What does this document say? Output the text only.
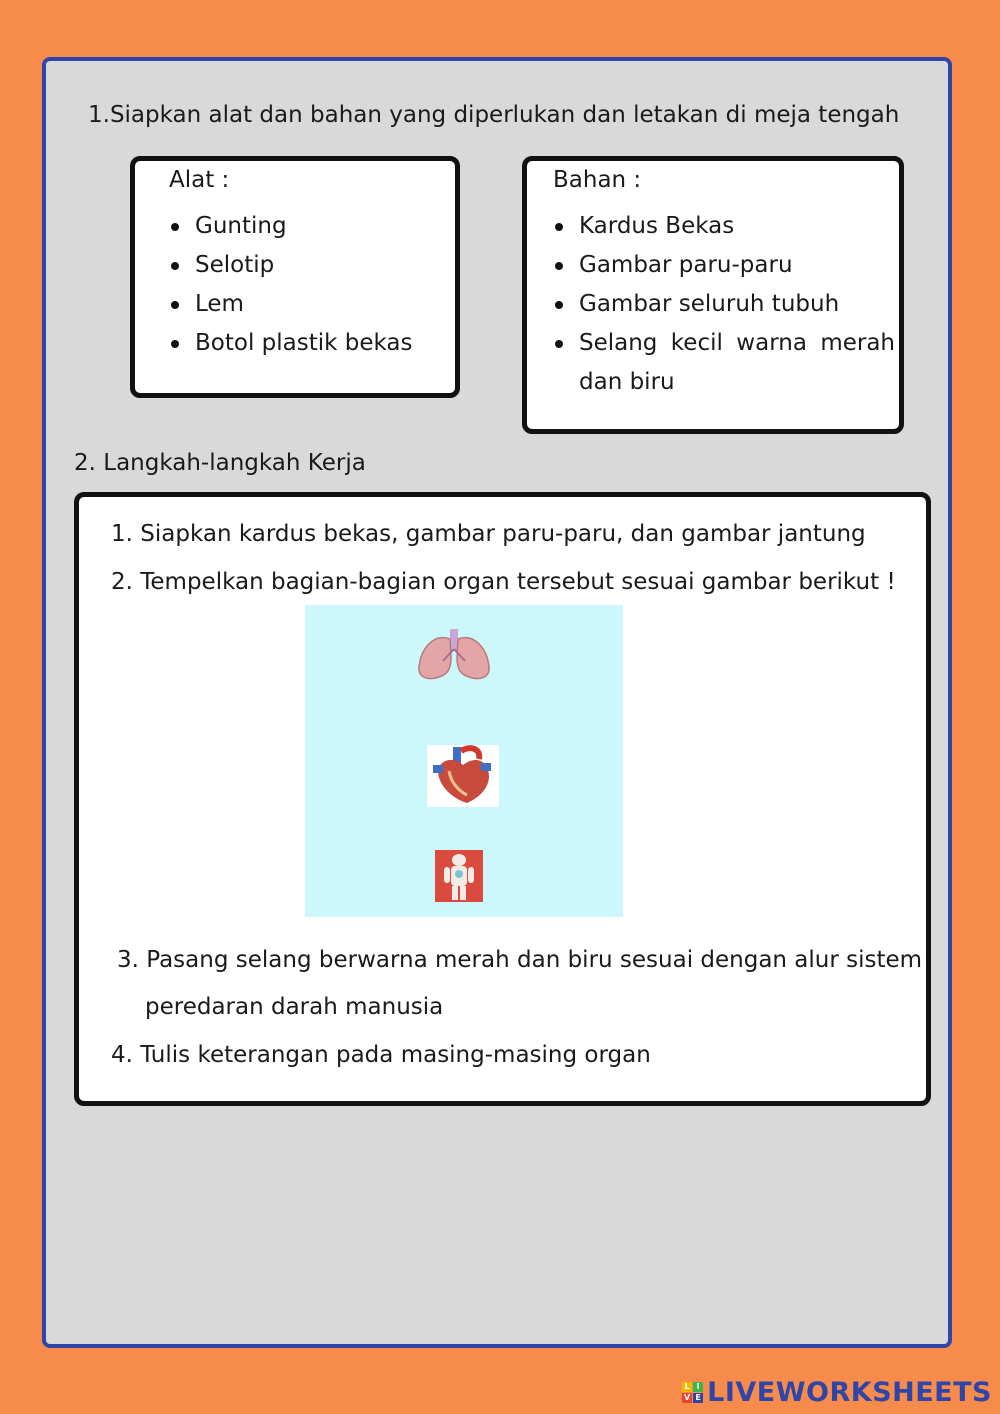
1.Siapkan alat dan bahan yang diperlukan dan letakan di meja tengah
Alat :
Gunting
Selotip
Lem
Botol plastik bekas
Bahan :
Kardus Bekas
Gambar paru-paru
Gambar seluruh tubuh
Selang kecil warna merah
dan biru
2. Langkah-langkah Kerja
1. Siapkan kardus bekas, gambar paru-paru, dan gambar jantung
2. Tempelkan bagian-bagian organ tersebut sesuai gambar berikut !
3. Pasang selang berwarna merah dan biru sesuai dengan alur sistem
peredaran darah manusia
4. Tulis keterangan pada masing-masing organ
L I
V E LIVEWORKSHEETS
